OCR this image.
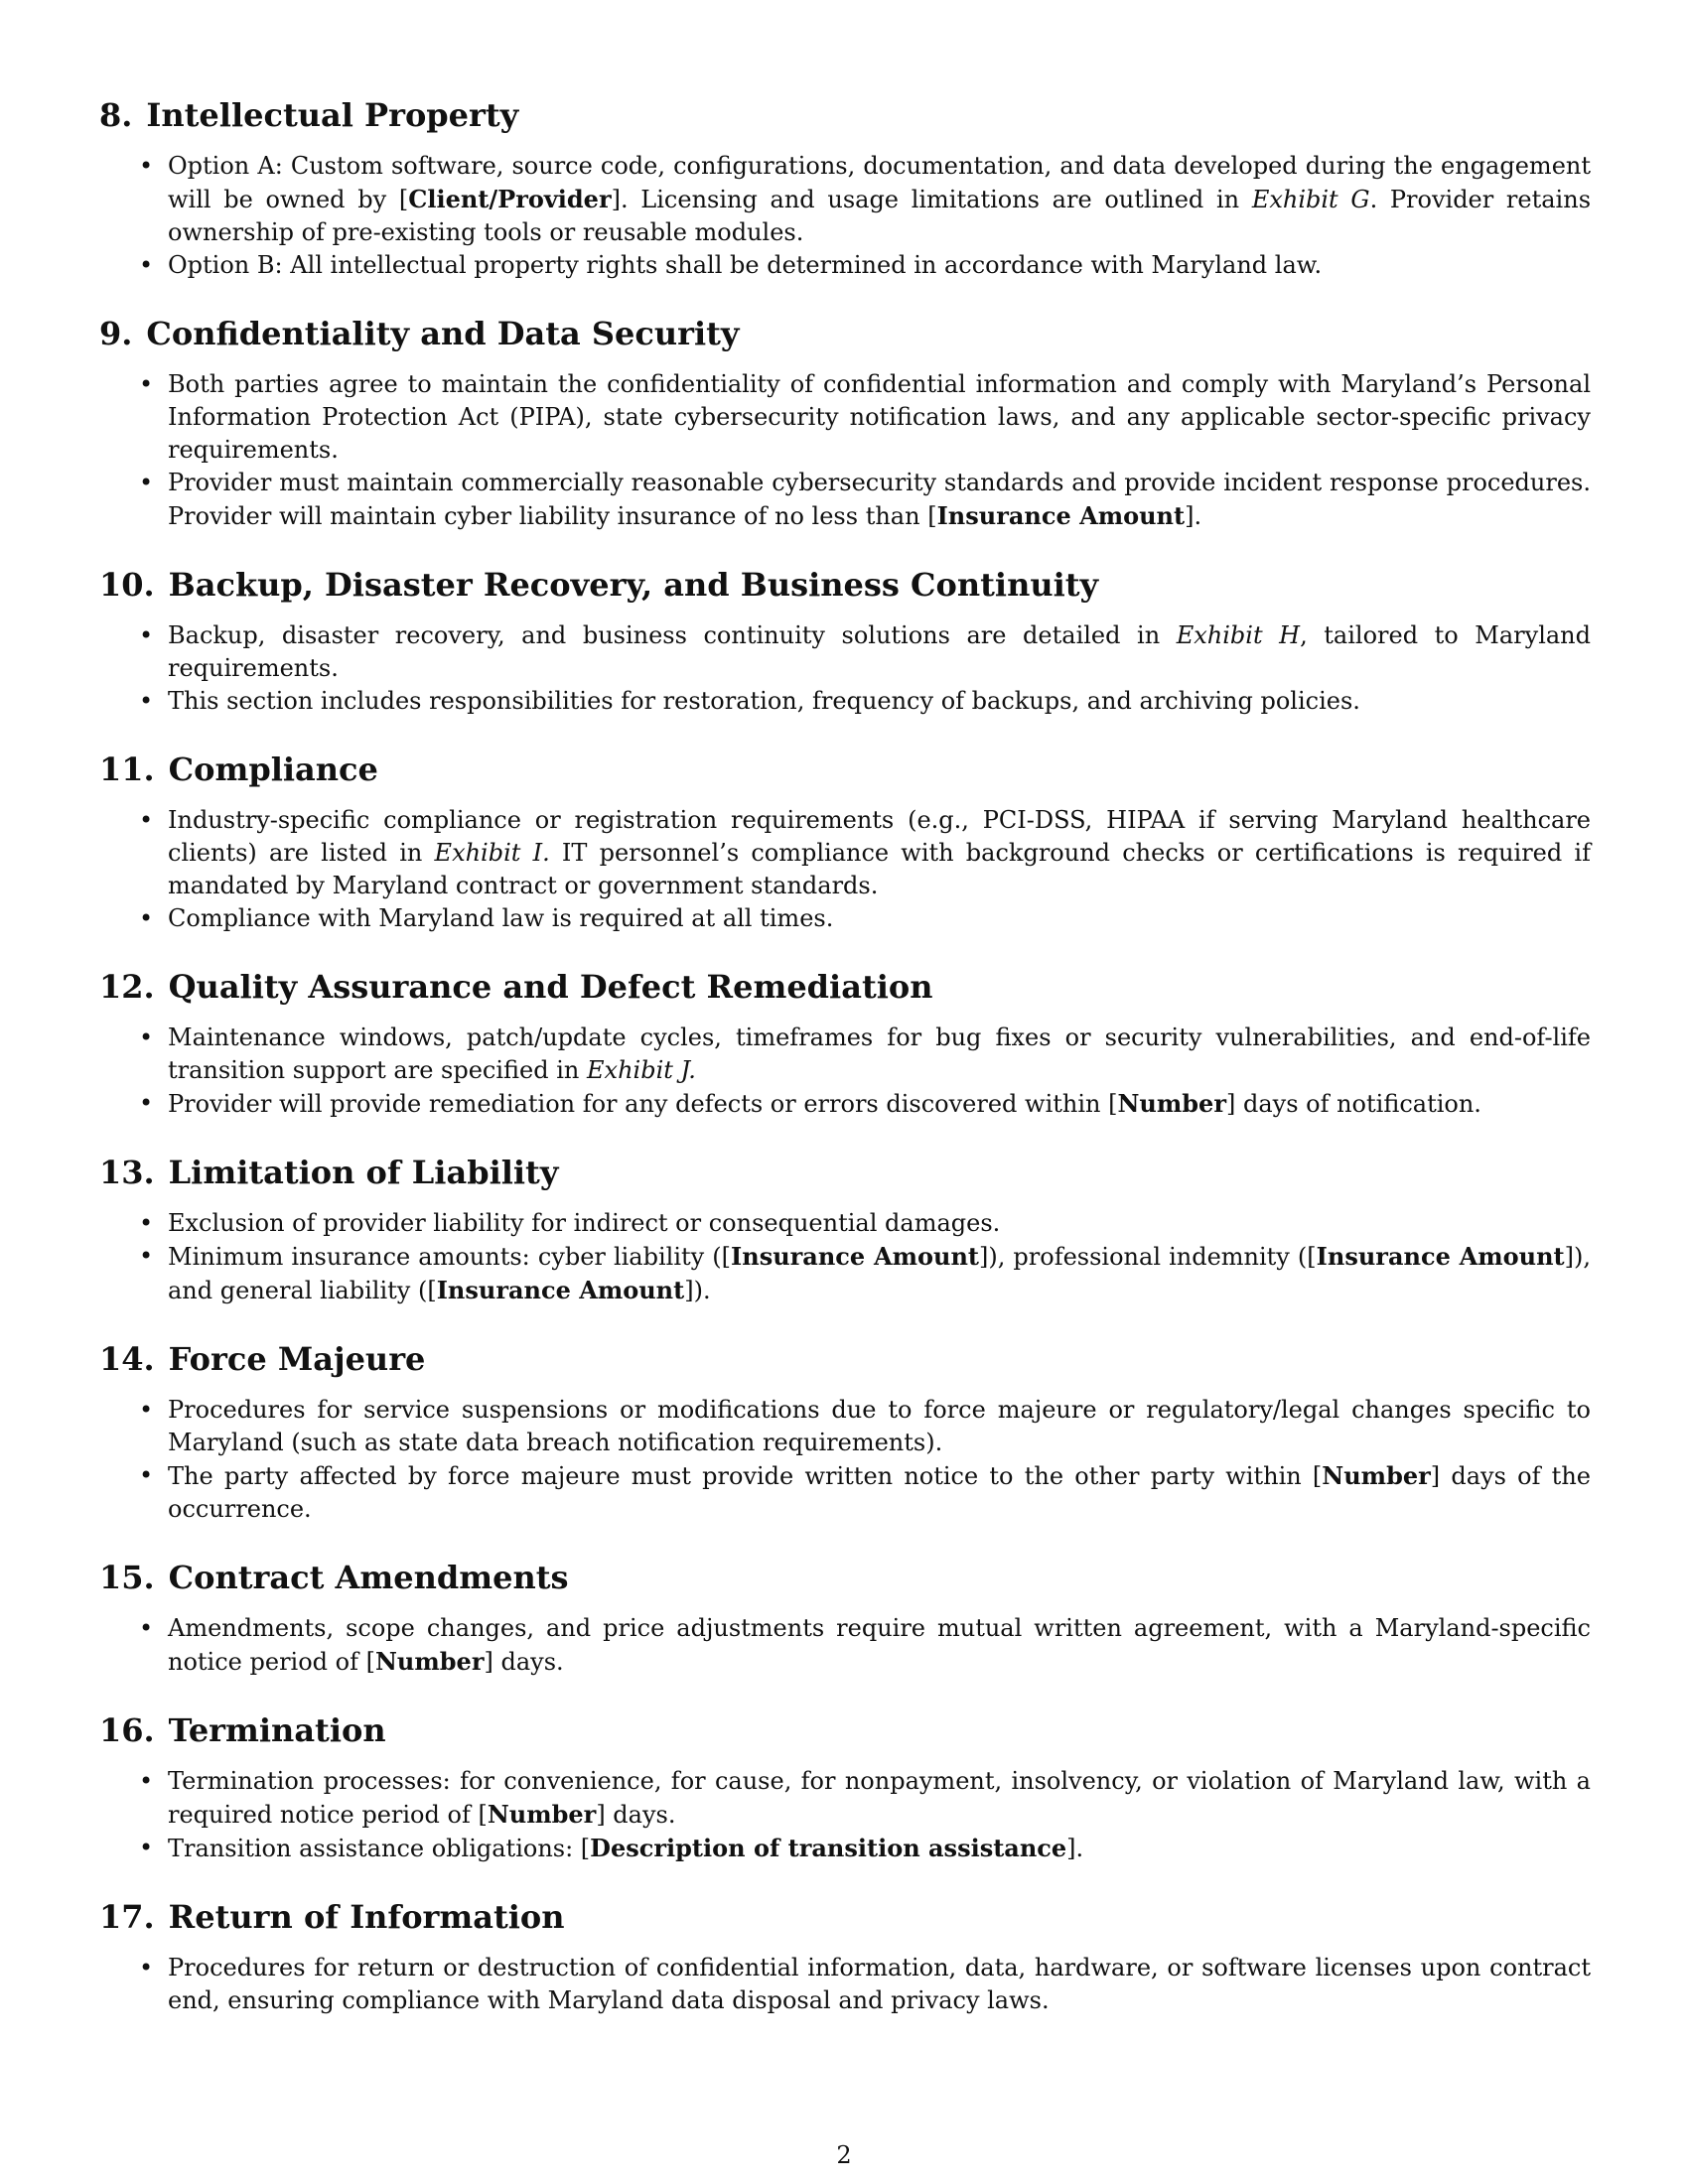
8. Intellectual Property
• Option A: Custom software, source code, configurations, documentation, and data developed during the engagement will be owned by [Client/Provider]. Licensing and usage limitations are outlined in Exhibit G. Provider retains ownership of pre-existing tools or reusable modules.
• Option B: All intellectual property rights shall be determined in accordance with Maryland law.
9. Confidentiality and Data Security
• Both parties agree to maintain the confidentiality of confidential information and comply with Maryland’s Personal Information Protection Act (PIPA), state cybersecurity notification laws, and any applicable sector-specific privacy requirements.
• Provider must maintain commercially reasonable cybersecurity standards and provide incident response procedures. Provider will maintain cyber liability insurance of no less than [Insurance Amount].
10. Backup, Disaster Recovery, and Business Continuity
• Backup, disaster recovery, and business continuity solutions are detailed in Exhibit H, tailored to Maryland requirements.
• This section includes responsibilities for restoration, frequency of backups, and archiving policies.
11. Compliance
• Industry-specific compliance or registration requirements (e.g., PCI-DSS, HIPAA if serving Maryland healthcare clients) are listed in Exhibit I. IT personnel’s compliance with background checks or certifications is required if mandated by Maryland contract or government standards.
• Compliance with Maryland law is required at all times.
12. Quality Assurance and Defect Remediation
• Maintenance windows, patch/update cycles, timeframes for bug fixes or security vulnerabilities, and end-of-life transition support are specified in Exhibit J.
• Provider will provide remediation for any defects or errors discovered within [Number] days of notification.
13. Limitation of Liability
• Exclusion of provider liability for indirect or consequential damages.
• Minimum insurance amounts: cyber liability ([Insurance Amount]), professional indemnity ([Insurance Amount]), and general liability ([Insurance Amount]).
14. Force Majeure
• Procedures for service suspensions or modifications due to force majeure or regulatory/legal changes specific to Maryland (such as state data breach notification requirements).
• The party affected by force majeure must provide written notice to the other party within [Number] days of the occurrence.
15. Contract Amendments
• Amendments, scope changes, and price adjustments require mutual written agreement, with a Maryland-specific notice period of [Number] days.
16. Termination
• Termination processes: for convenience, for cause, for nonpayment, insolvency, or violation of Maryland law, with a required notice period of [Number] days.
• Transition assistance obligations: [Description of transition assistance].
17. Return of Information
• Procedures for return or destruction of confidential information, data, hardware, or software licenses upon contract end, ensuring compliance with Maryland data disposal and privacy laws.
2
